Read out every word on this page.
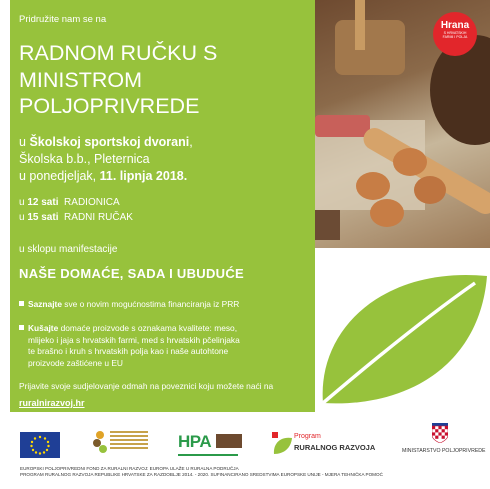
Pridružite nam se na
RADNOM RUČKU S
MINISTROM
POLJOPRIVREDE
u Školskoj sportskoj dvorani,
Školska b.b., Pleternica
u ponedjeljak, 11. lipnja 2018.
u 12 sati RADIONICA
u 15 sati RADNI RUČAK
u sklopu manifestacije
NAŠE DOMAĆE, SADA I UBUDUĆE
Saznajte sve o novim mogućnostima financiranja iz PRR
Kušajte domaće proizvode s oznakama kvalitete: meso,
mlijeko i jaja s hrvatskih farmi, med s hrvatskih pčelinjaka
te brašno i kruh s hrvatskih polja kao i naše autohtone
proizvode zaštićene u EU
Prijavite svoje sudjelovanje odmah na poveznici koju možete naći na
ruralnirazvoj.hr
Hrana
S HRVATSKIH
FARMI I POLJA
HPA	Program
RURALNOG RAZVOJA	MINISTARSTVO POLJOPRIVREDE
EUROPSKI POLJOPRIVREDNI FOND ZA RURALNI RAZVOJ: EUROPA ULAŽE U RURALNA PODRUČJA
PROGRAM RURALNOG RAZVOJA REPUBLIKE HRVATSKE ZA RAZDOBLJE 2014. - 2020. SUFINANCIRANO SREDSTVIMA EUROPSKE UNIJE - MJERA TEHNIČKA POMOĆ
